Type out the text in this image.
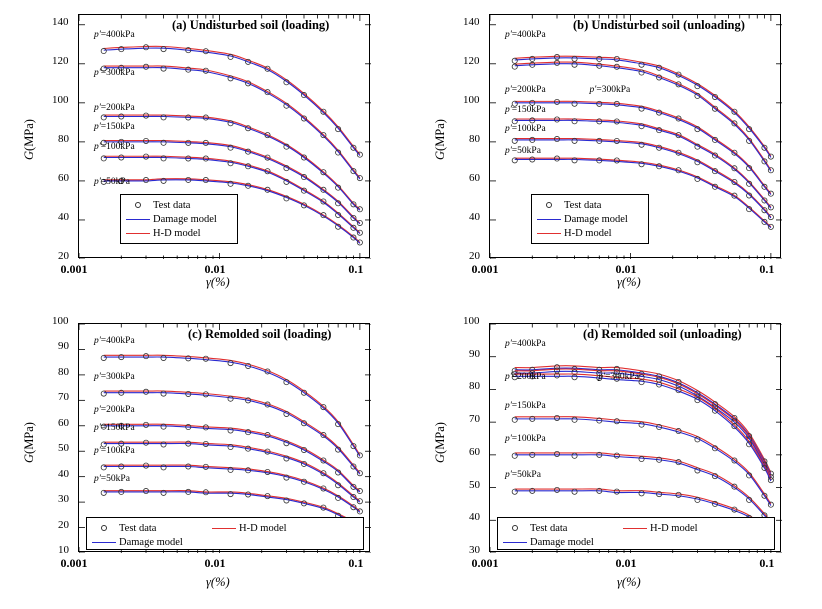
(a) Undisturbed soil (loading)
20
40
60
80
100
120
140
0.001	0.01	0.1
G(MPa)
γ(%)
p'=400kPa
p'=300kPa
p'=200kPa
p'=150kPa
p'=100kPa
p'=50kPa
Test data
Damage model
H-D model
(b) Undisturbed soil (unloading)
20
40
60
80
100
120
140
0.001	0.01	0.1
G(MPa)
γ(%)
p'=400kPa
p'=200kPa	p'=300kPa
p'=150kPa
p'=100kPa
p'=50kPa
Test data
Damage model
H-D model
(c) Remolded soil (loading)
10
20
30
40
50
60
70
80
90
100
0.001	0.01	0.1
G(MPa)
γ(%)
p'=400kPa
p'=300kPa
p'=200kPa
p'=150kPa
p'=100kPa
p'=50kPa
Test data
Damage model
H-D model
(d) Remolded soil (unloading)
30
40
50
60
70
80
90
100
0.001	0.01	0.1
G(MPa)
γ(%)
p'=400kPa
p'=200kPa	p'=300kPa
p'=150kPa
p'=100kPa
p'=50kPa
Test data
Damage model
H-D model
